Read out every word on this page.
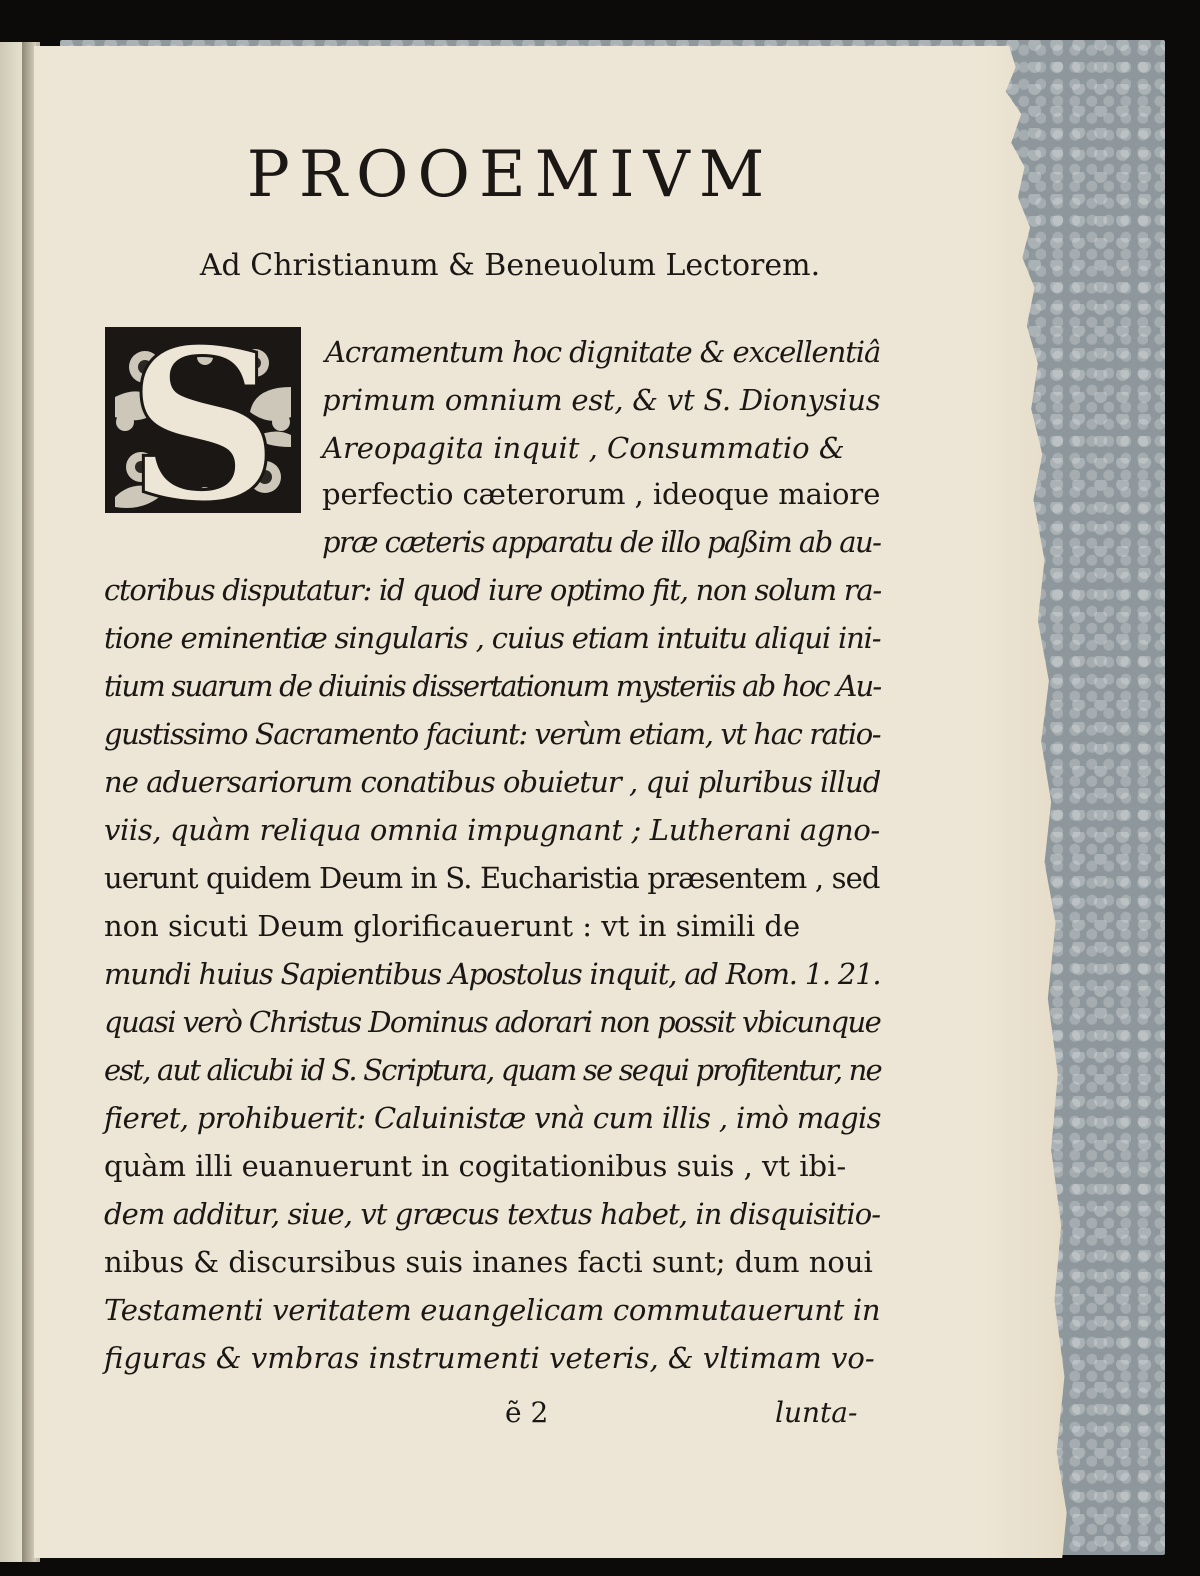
PROOEMIVM

Ad Christianum & Beneuolum Lectorem.

S Acramentum hoc dignitate & excellentiâ
primum omnium est, & vt S. Dionysius
Areopagita inquit , Consummatio &
perfectio cæterorum , ideoque maiore
præ cæteris apparatu de illo paßim ab au-
ctoribus disputatur: id quod iure optimo fit, non solum ra-
tione eminentiæ singularis , cuius etiam intuitu aliqui ini-
tium suarum de diuinis dissertationum mysteriis ab hoc Au-
gustissimo Sacramento faciunt: verùm etiam, vt hac ratio-
ne aduersariorum conatibus obuietur , qui pluribus illud
viis, quàm reliqua omnia impugnant ; Lutherani agno-
uerunt quidem Deum in S. Eucharistia præsentem , sed
non sicuti Deum glorificauerunt : vt in simili de
mundi huius Sapientibus Apostolus inquit, ad Rom. 1. 21.
quasi verò Christus Dominus adorari non possit vbicunque
est, aut alicubi id S. Scriptura, quam se sequi profitentur, ne
fieret, prohibuerit: Caluinistæ vnà cum illis , imò magis
quàm illi euanuerunt in cogitationibus suis , vt ibi-
dem additur, siue, vt græcus textus habet, in disquisitio-
nibus & discursibus suis inanes facti sunt; dum noui
Testamenti veritatem euangelicam commutauerunt in
figuras & vmbras instrumenti veteris, & vltimam vo-
ẽ 2	lunta-
